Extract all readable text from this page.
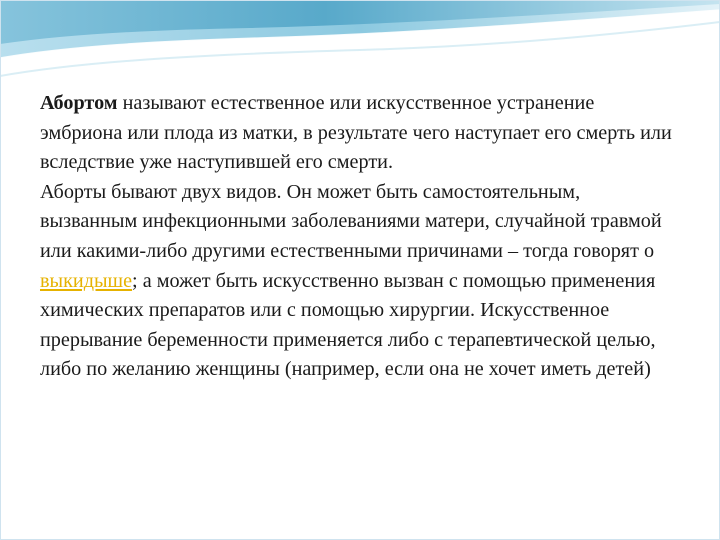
Абортом называют естественное или искусственное устранение эмбриона или плода из матки, в результате чего наступает его смерть или вследствие уже наступившей его смерти.

Аборты бывают двух видов. Он может быть самостоятельным, вызванным инфекционными заболеваниями матери, случайной травмой или какими-либо другими естественными причинами – тогда говорят о выкидыше; а может быть искусственно вызван с помощью применения химических препаратов или с помощью хирургии. Искусственное прерывание беременности применяется либо с терапевтической целью, либо по желанию женщины (например, если она не хочет иметь детей)
